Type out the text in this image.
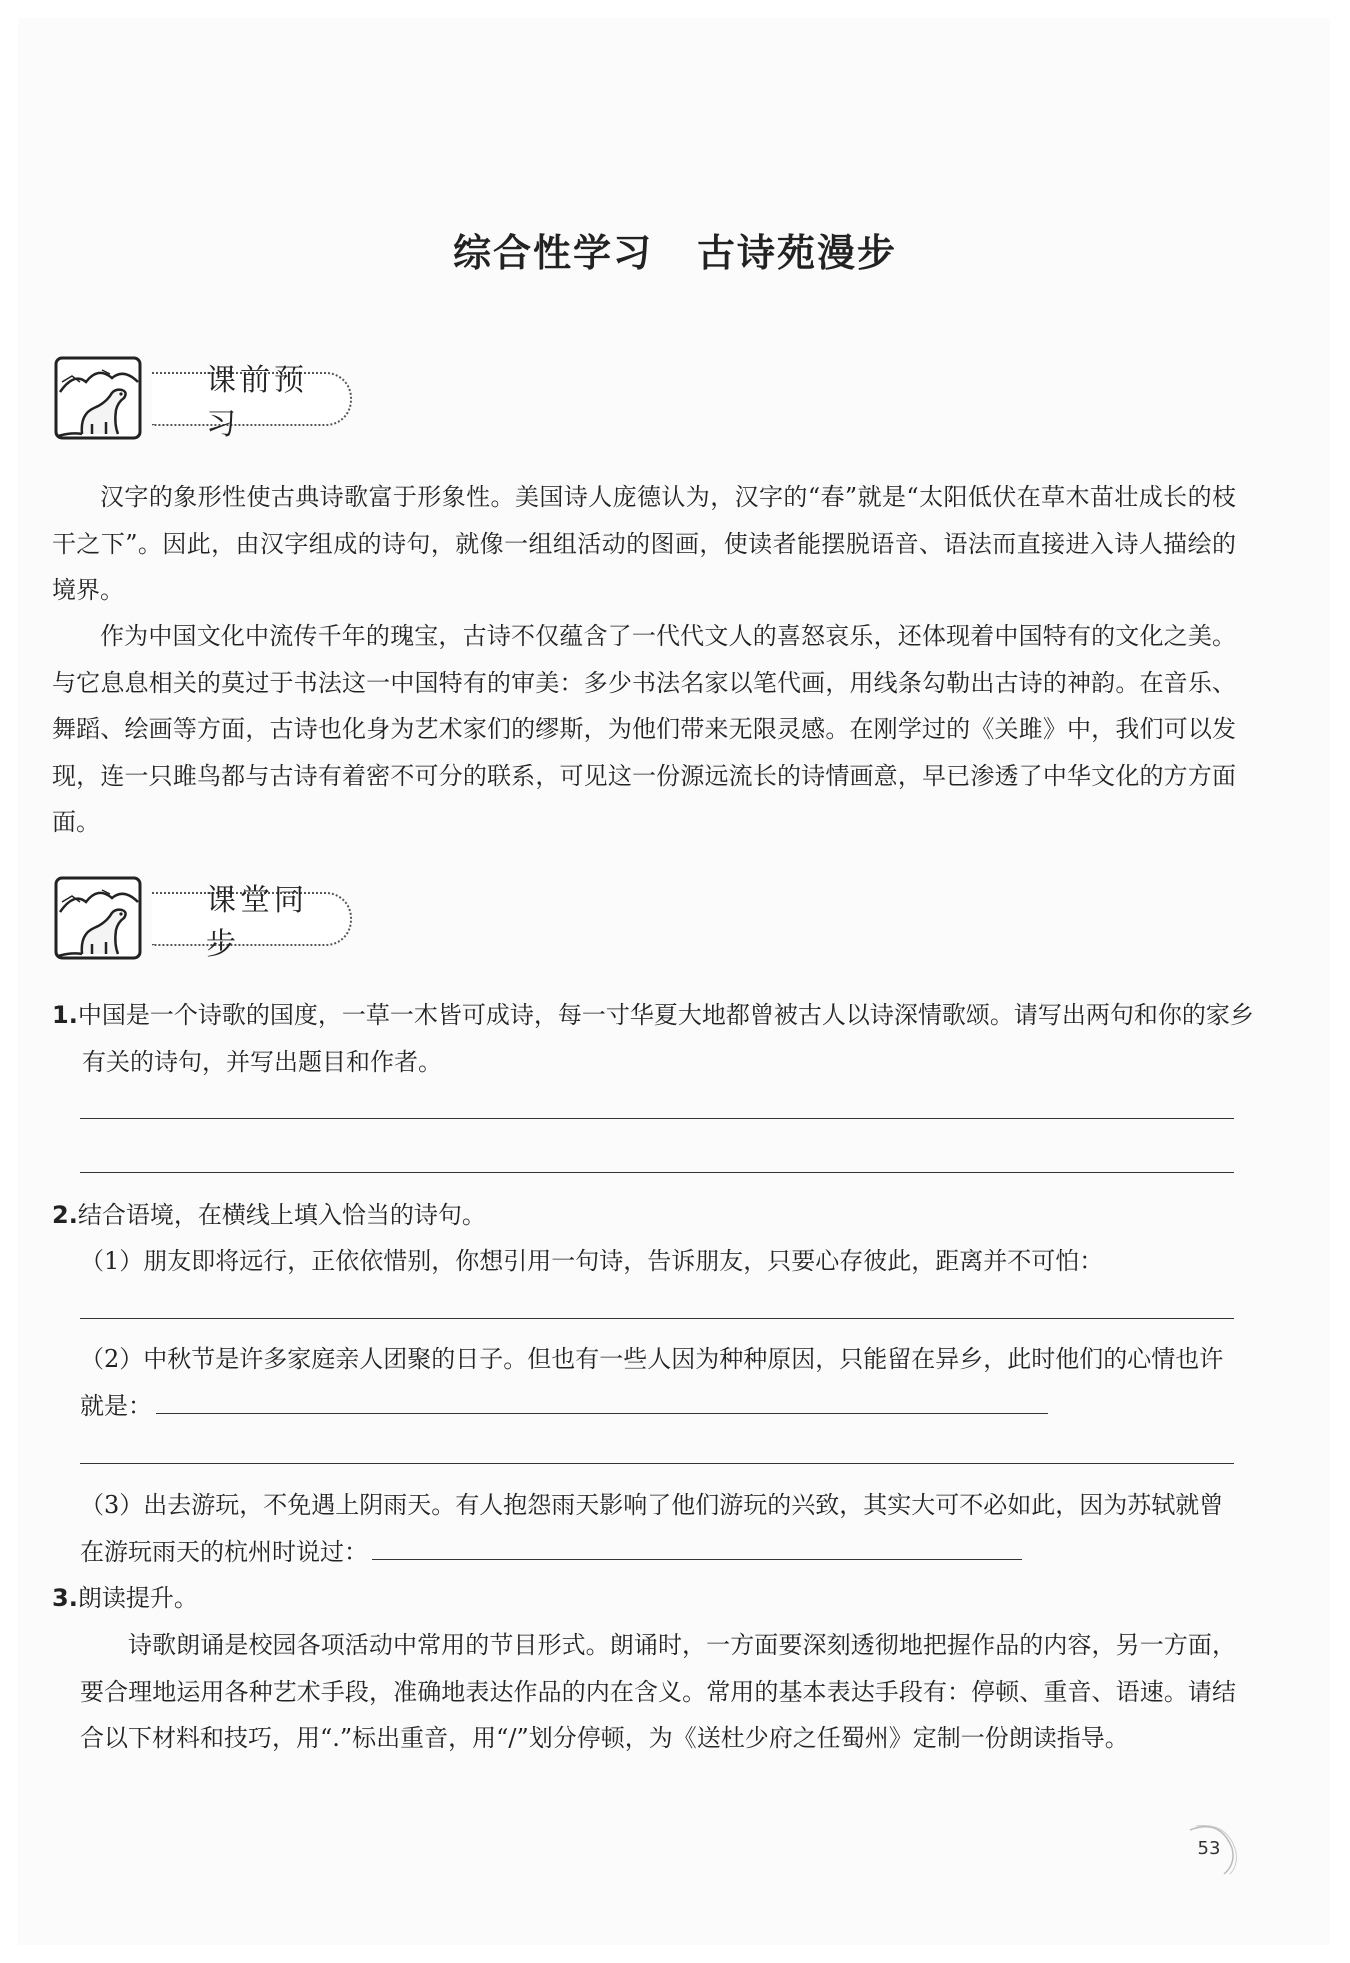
综合性学习 古诗苑漫步
课前预习

汉字的象形性使古典诗歌富于形象性。美国诗人庞德认为，汉字的“春”就是“太阳低伏在草木苗壮成长的枝干之下”。因此，由汉字组成的诗句，就像一组组活动的图画，使读者能摆脱语音、语法而直接进入诗人描绘的境界。

作为中国文化中流传千年的瑰宝，古诗不仅蕴含了一代代文人的喜怒哀乐，还体现着中国特有的文化之美。与它息息相关的莫过于书法这一中国特有的审美：多少书法名家以笔代画，用线条勾勒出古诗的神韵。在音乐、舞蹈、绘画等方面，古诗也化身为艺术家们的缪斯，为他们带来无限灵感。在刚学过的《关雎》中，我们可以发现，连一只雎鸟都与古诗有着密不可分的联系，可见这一份源远流长的诗情画意，早已渗透了中华文化的方方面面。

课堂同步

1.中国是一个诗歌的国度，一草一木皆可成诗，每一寸华夏大地都曾被古人以诗深情歌颂。请写出两句和你的家乡有关的诗句，并写出题目和作者。

2.结合语境，在横线上填入恰当的诗句。

（1）朋友即将远行，正依依惜别，你想引用一句诗，告诉朋友，只要心存彼此，距离并不可怕：

（2）中秋节是许多家庭亲人团聚的日子。但也有一些人因为种种原因，只能留在异乡，此时他们的心情也许就是：

（3）出去游玩，不免遇上阴雨天。有人抱怨雨天影响了他们游玩的兴致，其实大可不必如此，因为苏轼就曾在游玩雨天的杭州时说过：

3.朗读提升。

诗歌朗诵是校园各项活动中常用的节目形式。朗诵时，一方面要深刻透彻地把握作品的内容，另一方面，要合理地运用各种艺术手段，准确地表达作品的内在含义。常用的基本表达手段有：停顿、重音、语速。请结合以下材料和技巧，用“.”标出重音，用“/”划分停顿，为《送杜少府之任蜀州》定制一份朗读指导。

53
